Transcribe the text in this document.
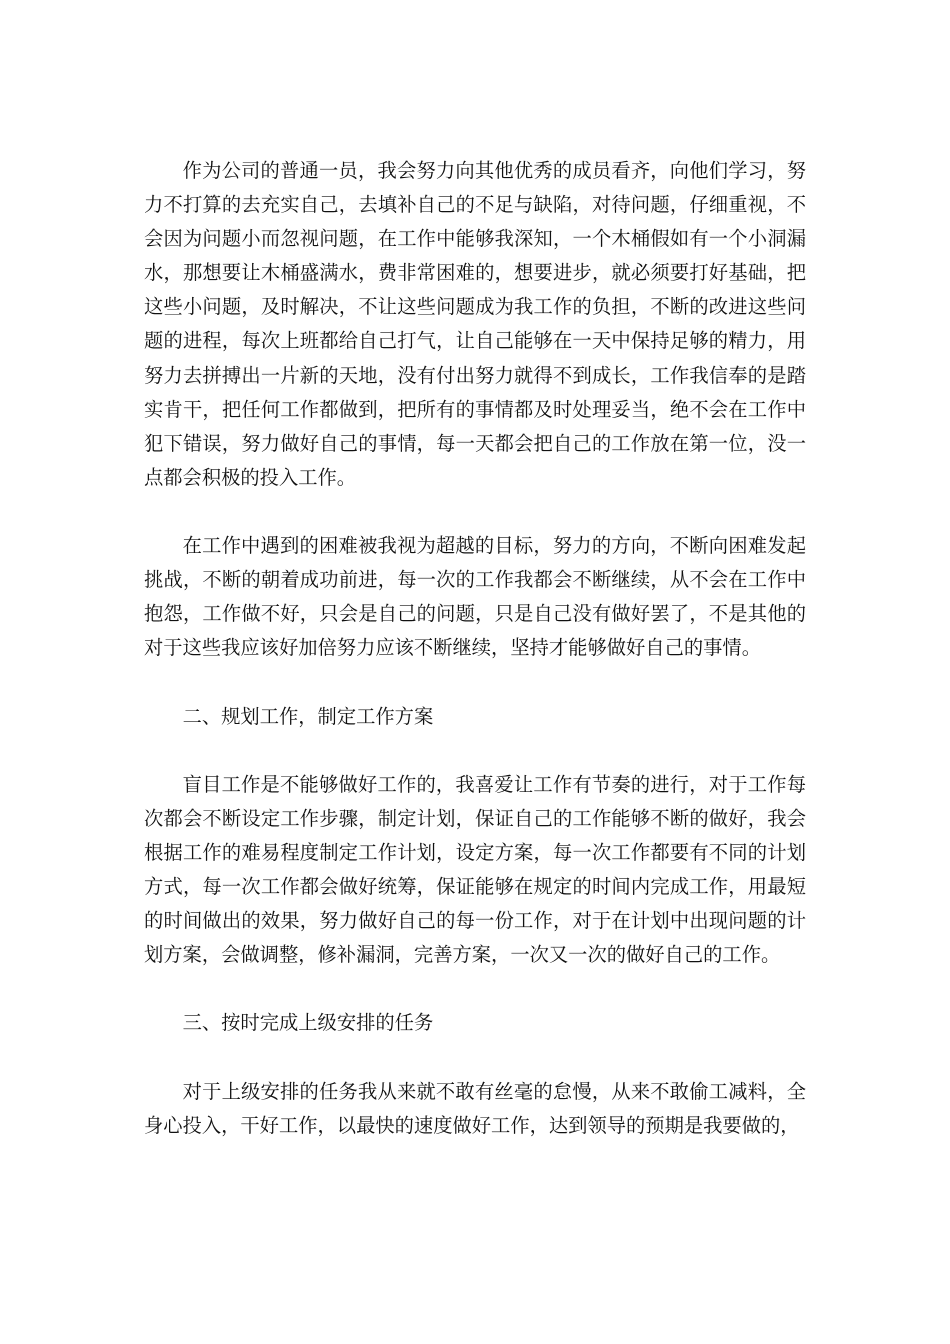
作为公司的普通一员，我会努力向其他优秀的成员看齐，向他们学习，努力不打算的去充实自己，去填补自己的不足与缺陷，对待问题，仔细重视，不会因为问题小而忽视问题，在工作中能够我深知，一个木桶假如有一个小洞漏水，那想要让木桶盛满水，费非常困难的，想要进步，就必须要打好基础，把这些小问题，及时解决，不让这些问题成为我工作的负担，不断的改进这些问题的进程，每次上班都给自己打气，让自己能够在一天中保持足够的精力，用努力去拼搏出一片新的天地，没有付出努力就得不到成长，工作我信奉的是踏实肯干，把任何工作都做到，把所有的事情都及时处理妥当，绝不会在工作中犯下错误，努力做好自己的事情，每一天都会把自己的工作放在第一位，没一点都会积极的投入工作。

在工作中遇到的困难被我视为超越的目标，努力的方向，不断向困难发起挑战，不断的朝着成功前进，每一次的工作我都会不断继续，从不会在工作中抱怨，工作做不好，只会是自己的问题，只是自己没有做好罢了，不是其他的对于这些我应该好加倍努力应该不断继续，坚持才能够做好自己的事情。

二、规划工作，制定工作方案

盲目工作是不能够做好工作的，我喜爱让工作有节奏的进行，对于工作每次都会不断设定工作步骤，制定计划，保证自己的工作能够不断的做好，我会根据工作的难易程度制定工作计划，设定方案，每一次工作都要有不同的计划方式，每一次工作都会做好统筹，保证能够在规定的时间内完成工作，用最短的时间做出的效果，努力做好自己的每一份工作，对于在计划中出现问题的计划方案，会做调整，修补漏洞，完善方案，一次又一次的做好自己的工作。

三、按时完成上级安排的任务

对于上级安排的任务我从来就不敢有丝毫的怠慢，从来不敢偷工减料，全身心投入，干好工作，以最快的速度做好工作，达到领导的预期是我要做的，
